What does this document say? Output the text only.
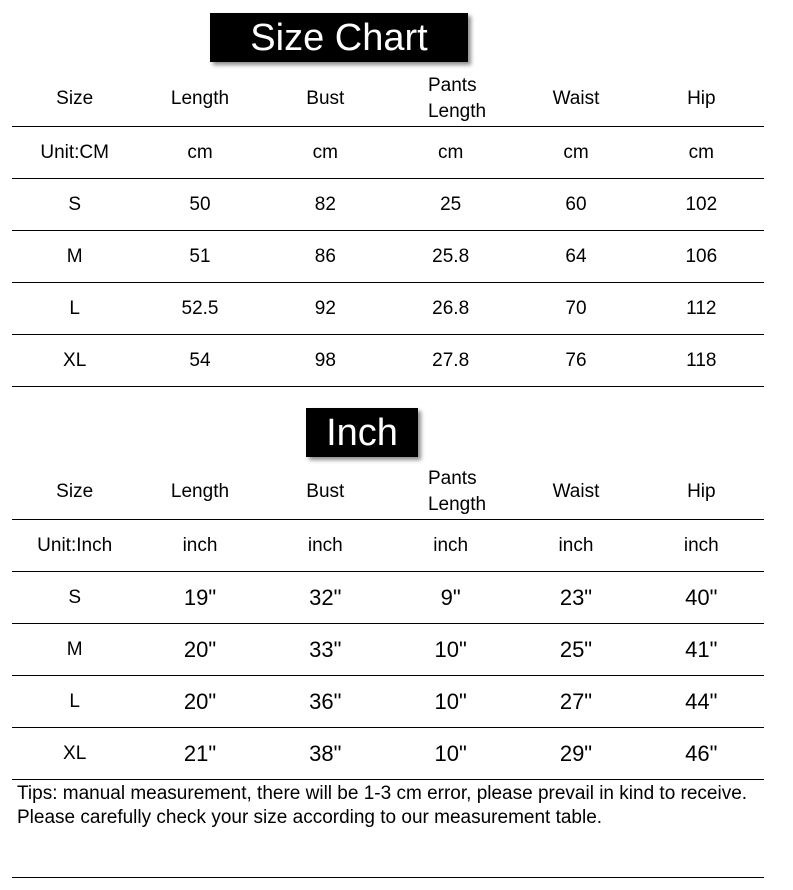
Size Chart
Size	Length	Bust	Pants Length	Waist	Hip
Unit:CM	cm	cm	cm	cm	cm
S	50	82	25	60	102
M	51	86	25.8	64	106
L	52.5	92	26.8	70	112
XL	54	98	27.8	76	118
Inch
Size	Length	Bust	Pants Length	Waist	Hip
Unit:Inch	inch	inch	inch	inch	inch
S	19"	32"	9"	23"	40"
M	20"	33"	10"	25"	41"
L	20"	36"	10"	27"	44"
XL	21"	38"	10"	29"	46"

Tips: manual measurement, there will be 1-3 cm error, please prevail in kind to receive.

Please carefully check your size according to our measurement table.
